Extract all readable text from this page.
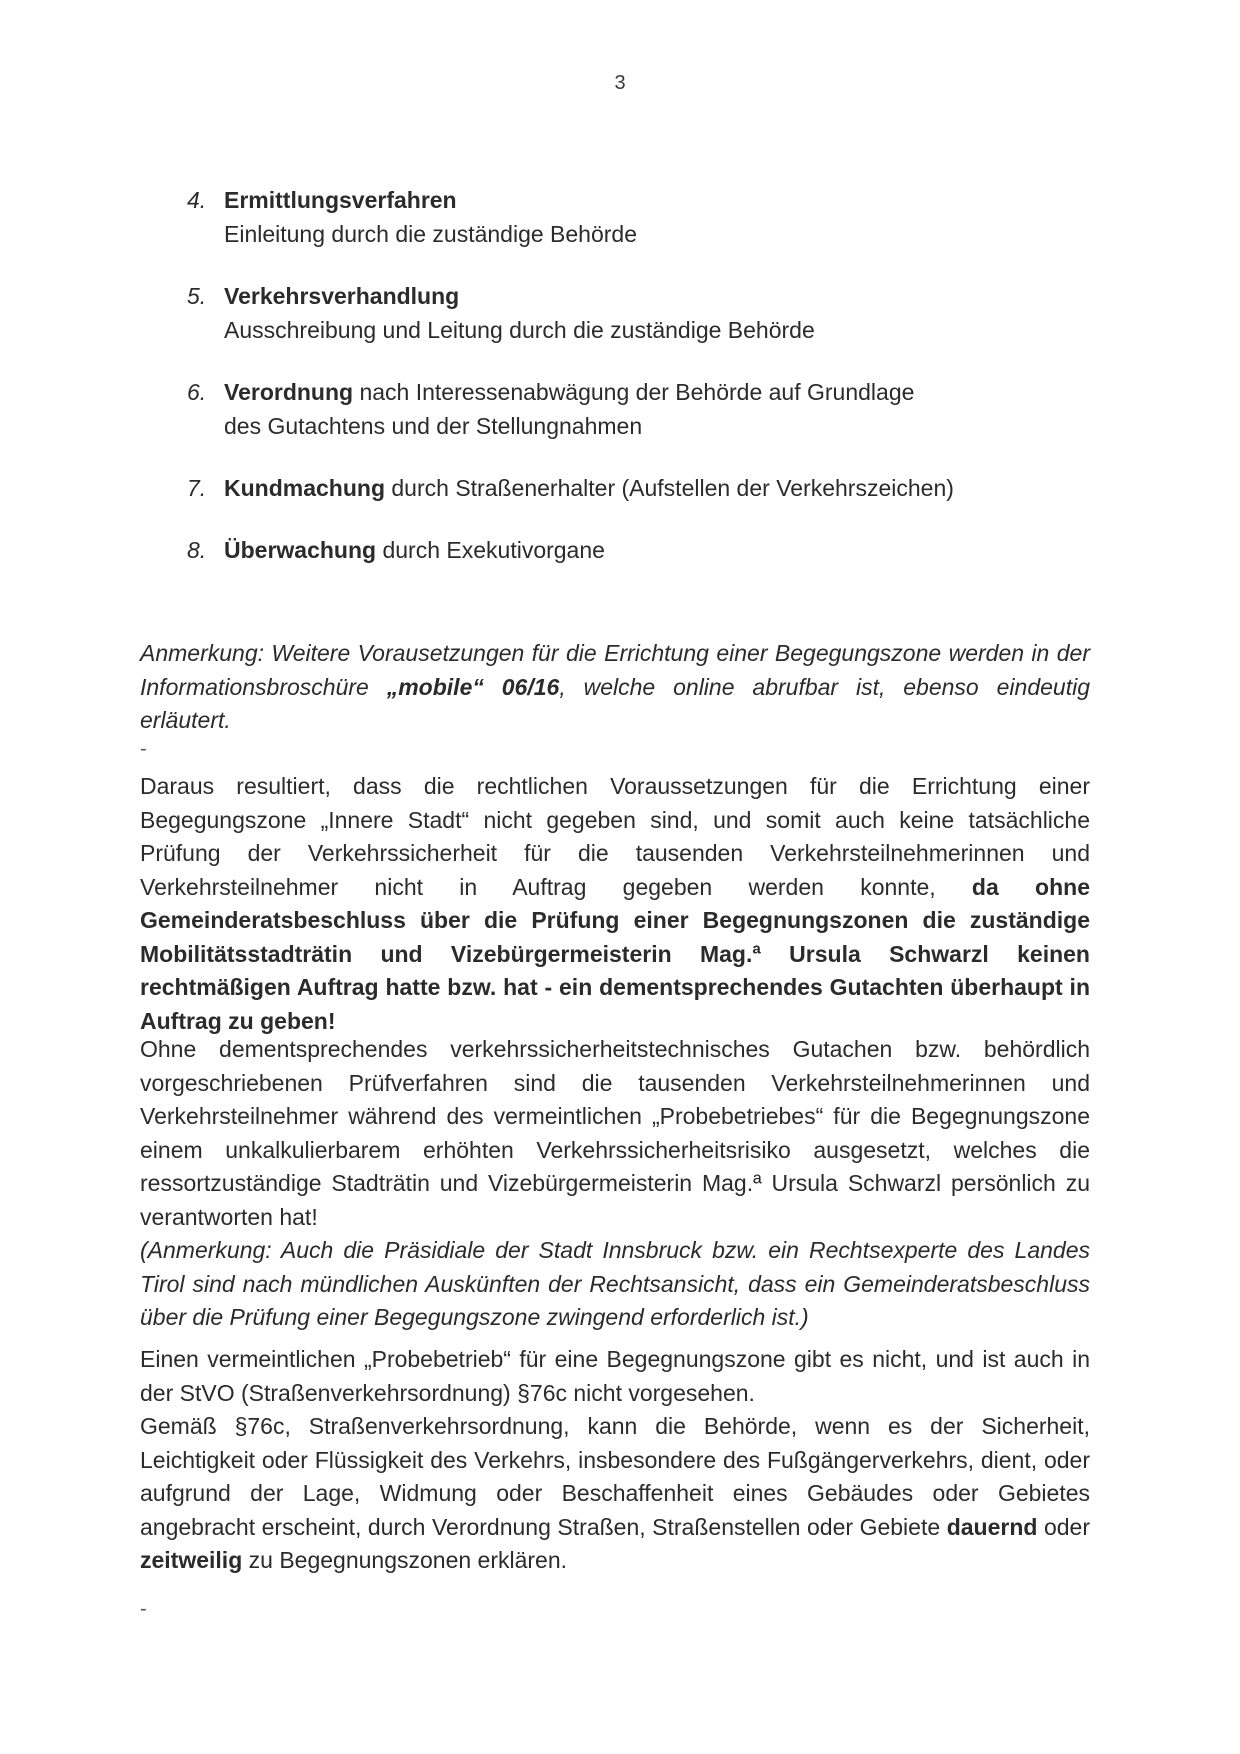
3
4. Ermittlungsverfahren
Einleitung durch die zuständige Behörde
5. Verkehrsverhandlung
Ausschreibung und Leitung durch die zuständige Behörde
6. Verordnung nach Interessenabwägung der Behörde auf Grundlage
des Gutachtens und der Stellungnahmen
7. Kundmachung durch Straßenerhalter (Aufstellen der Verkehrszeichen)
8. Überwachung durch Exekutivorgane
Anmerkung: Weitere Vorausetzungen für die Errichtung einer Begegungszone werden in der Informationsbroschüre „mobile“ 06/16, welche online abrufbar ist, ebenso eindeutig erläutert.
-
Daraus resultiert, dass die rechtlichen Voraussetzungen für die Errichtung einer Begegungszone „Innere Stadt“ nicht gegeben sind, und somit auch keine tatsächliche Prüfung der Verkehrssicherheit für die tausenden Verkehrsteilnehmerinnen und Verkehrsteilnehmer nicht in Auftrag gegeben werden konnte, da ohne Gemeinderatsbeschluss über die Prüfung einer Begegnungszonen die zuständige Mobilitätsstadträtin und Vizebürgermeisterin Mag.ª Ursula Schwarzl keinen rechtmäßigen Auftrag hatte bzw. hat - ein dementsprechendes Gutachten überhaupt in Auftrag zu geben!

Ohne dementsprechendes verkehrssicherheitstechnisches Gutachen bzw. behördlich vorgeschriebenen Prüfverfahren sind die tausenden Verkehrsteilnehmerinnen und Verkehrsteilnehmer während des vermeintlichen „Probebetriebes“ für die Begegnungszone einem unkalkulierbarem erhöhten Verkehrssicherheitsrisiko ausgesetzt, welches die ressortzuständige Stadträtin und Vizebürgermeisterin Mag.ª Ursula Schwarzl persönlich zu verantworten hat!

(Anmerkung: Auch die Präsidiale der Stadt Innsbruck bzw. ein Rechtsexperte des Landes Tirol sind nach mündlichen Auskünften der Rechtsansicht, dass ein Gemeinderatsbeschluss über die Prüfung einer Begegungszone zwingend erforderlich ist.)

Einen vermeintlichen „Probebetrieb“ für eine Begegnungszone gibt es nicht, und ist auch in der StVO (Straßenverkehrsordnung) §76c nicht vorgesehen.

Gemäß §76c, Straßenverkehrsordnung, kann die Behörde, wenn es der Sicherheit, Leichtigkeit oder Flüssigkeit des Verkehrs, insbesondere des Fußgängerverkehrs, dient, oder aufgrund der Lage, Widmung oder Beschaffenheit eines Gebäudes oder Gebietes angebracht erscheint, durch Verordnung Straßen, Straßenstellen oder Gebiete dauernd oder zeitweilig zu Begegnungszonen erklären.

-
